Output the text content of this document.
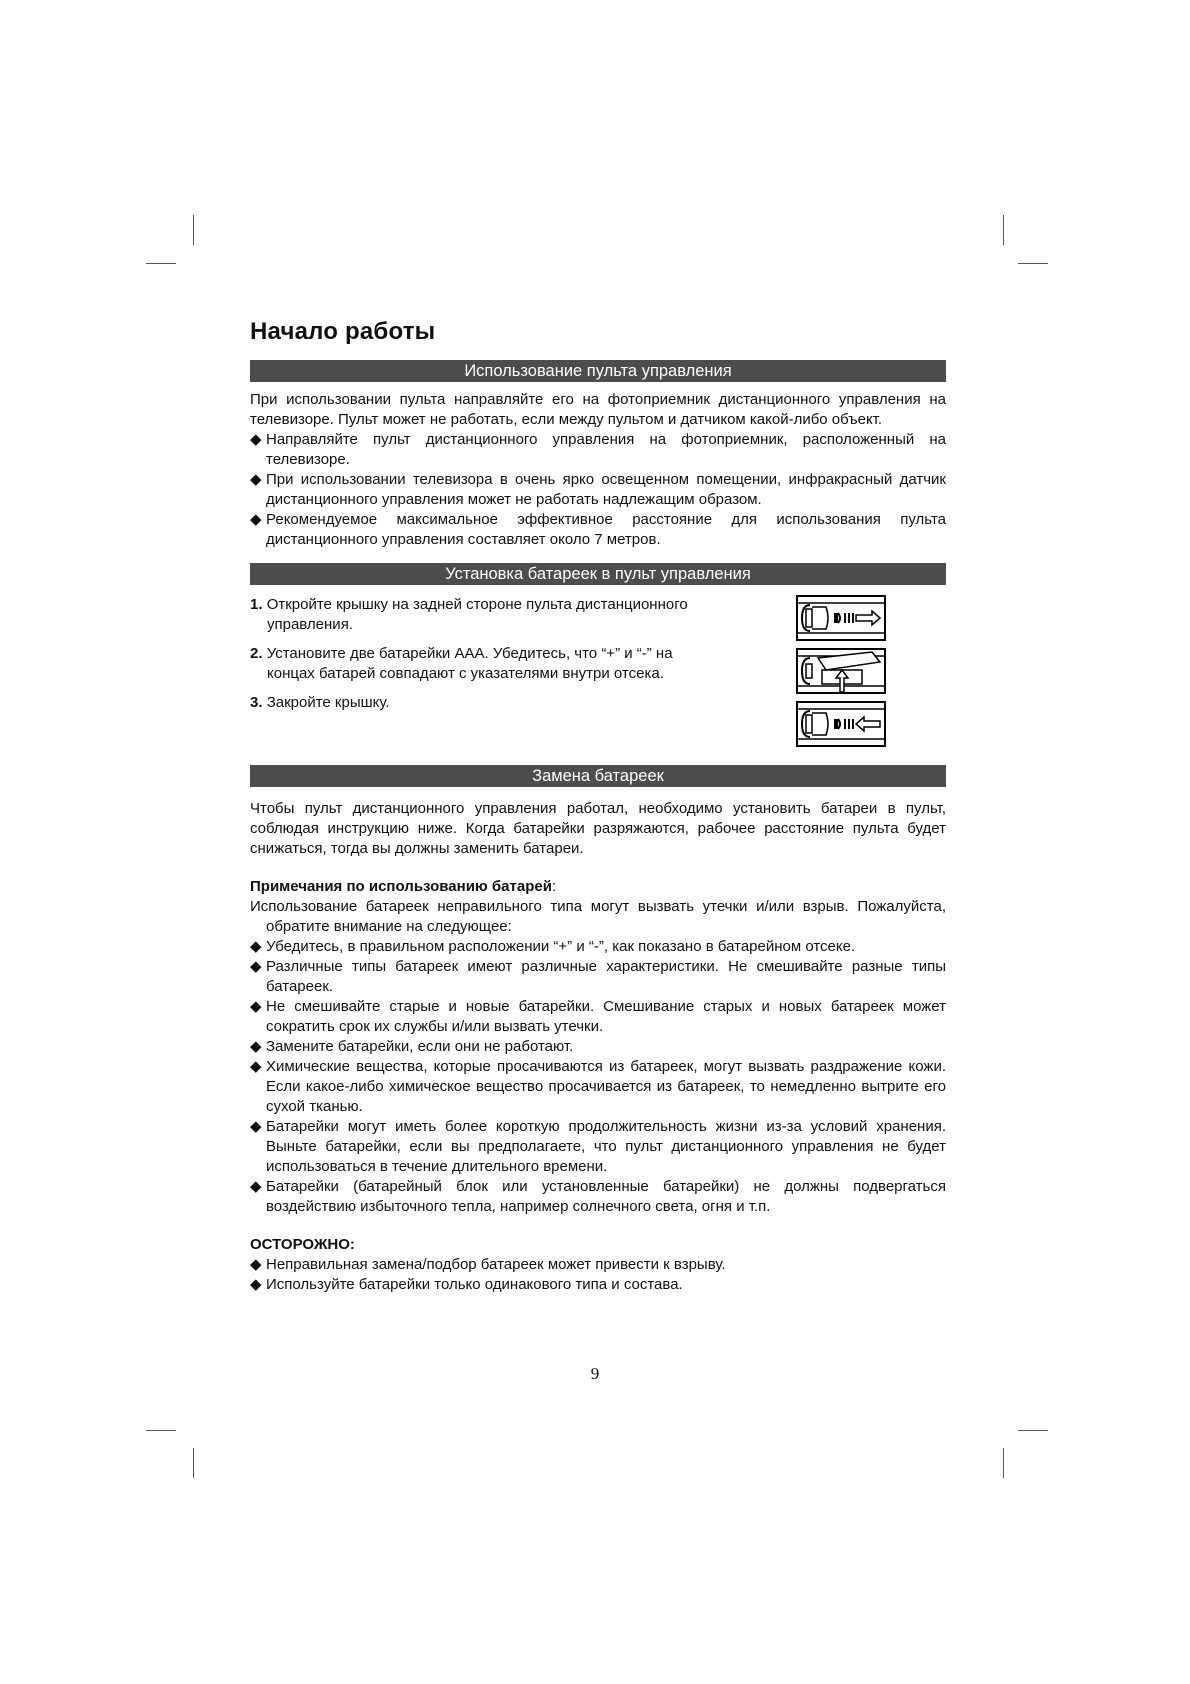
Начало работы
Использование пульта управления

При использовании пульта направляйте его на фотоприемник дистанционного управления на телевизоре. Пульт может не работать, если между пультом и датчиком какой-либо объект.

◆ Направляйте пульт дистанционного управления на фотоприемник, расположенный на телевизоре.
◆ При использовании телевизора в очень ярко освещенном помещении, инфракрасный датчик дистанционного управления может не работать надлежащим образом.
◆ Рекомендуемое максимальное эффективное расстояние для использования пульта дистанционного управления составляет около 7 метров.
Установка батареек в пульт управления

1. Откройте крышку на задней стороне пульта дистанционного управления.

2. Установите две батарейки AAA. Убедитесь, что “+” и “-” на концах батарей совпадают с указателями внутри отсека.

3. Закройте крышку.

Замена батареек

Чтобы пульт дистанционного управления работал, необходимо установить батареи в пульт, соблюдая инструкцию ниже. Когда батарейки разряжаются, рабочее расстояние пульта будет снижаться, тогда вы должны заменить батареи.

Примечания по использованию батарей:

Использование батареек неправильного типа могут вызвать утечки и/или взрыв. Пожалуйста, обратите внимание на следующее:

◆ Убедитесь, в правильном расположении “+” и “-”, как показано в батарейном отсеке.
◆ Различные типы батареек имеют различные характеристики. Не смешивайте разные типы батареек.
◆ Не смешивайте старые и новые батарейки. Смешивание старых и новых батареек может сократить срок их службы и/или вызвать утечки.
◆ Замените батарейки, если они не работают.
◆ Химические вещества, которые просачиваются из батареек, могут вызвать раздражение кожи. Если какое-либо химическое вещество просачивается из батареек, то немедленно вытрите его сухой тканью.
◆ Батарейки могут иметь более короткую продолжительность жизни из-за условий хранения. Выньте батарейки, если вы предполагаете, что пульт дистанционного управления не будет использоваться в течение длительного времени.
◆ Батарейки (батарейный блок или установленные батарейки) не должны подвергаться воздействию избыточного тепла, например солнечного света, огня и т.п.

ОСТОРОЖНО:

◆ Неправильная замена/подбор батареек может привести к взрыву.
◆ Используйте батарейки только одинакового типа и состава.
9
